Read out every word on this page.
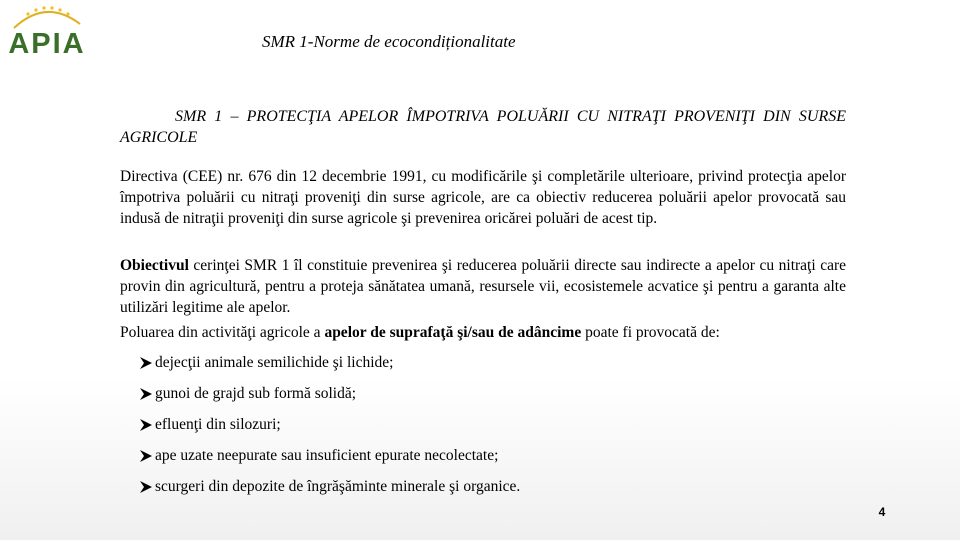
APIA	SMR 1-Norme de ecocondiționalitate
SMR 1 – PROTECŢIA APELOR ÎMPOTRIVA POLUĂRII CU NITRAŢI PROVENIŢI DIN SURSE AGRICOLE
Directiva (CEE) nr. 676 din 12 decembrie 1991, cu modificările şi completările ulterioare, privind protecţia apelor împotriva poluării cu nitraţi proveniţi din surse agricole, are ca obiectiv reducerea poluării apelor provocată sau indusă de nitraţii proveniţi din surse agricole şi prevenirea oricărei poluări de acest tip.
Obiectivul cerinţei SMR 1 îl constituie prevenirea şi reducerea poluării directe sau indirecte a apelor cu nitraţi care provin din agricultură, pentru a proteja sănătatea umană, resursele vii, ecosistemele acvatice şi pentru a garanta alte utilizări legitime ale apelor.
Poluarea din activităţi agricole a apelor de suprafaţă şi/sau de adâncime poate fi provocată de:
dejecţii animale semilichide şi lichide;
gunoi de grajd sub formă solidă;
efluenţi din silozuri;
ape uzate neepurate sau insuficient epurate necolectate;
scurgeri din depozite de îngrăşăminte minerale şi organice.
4
